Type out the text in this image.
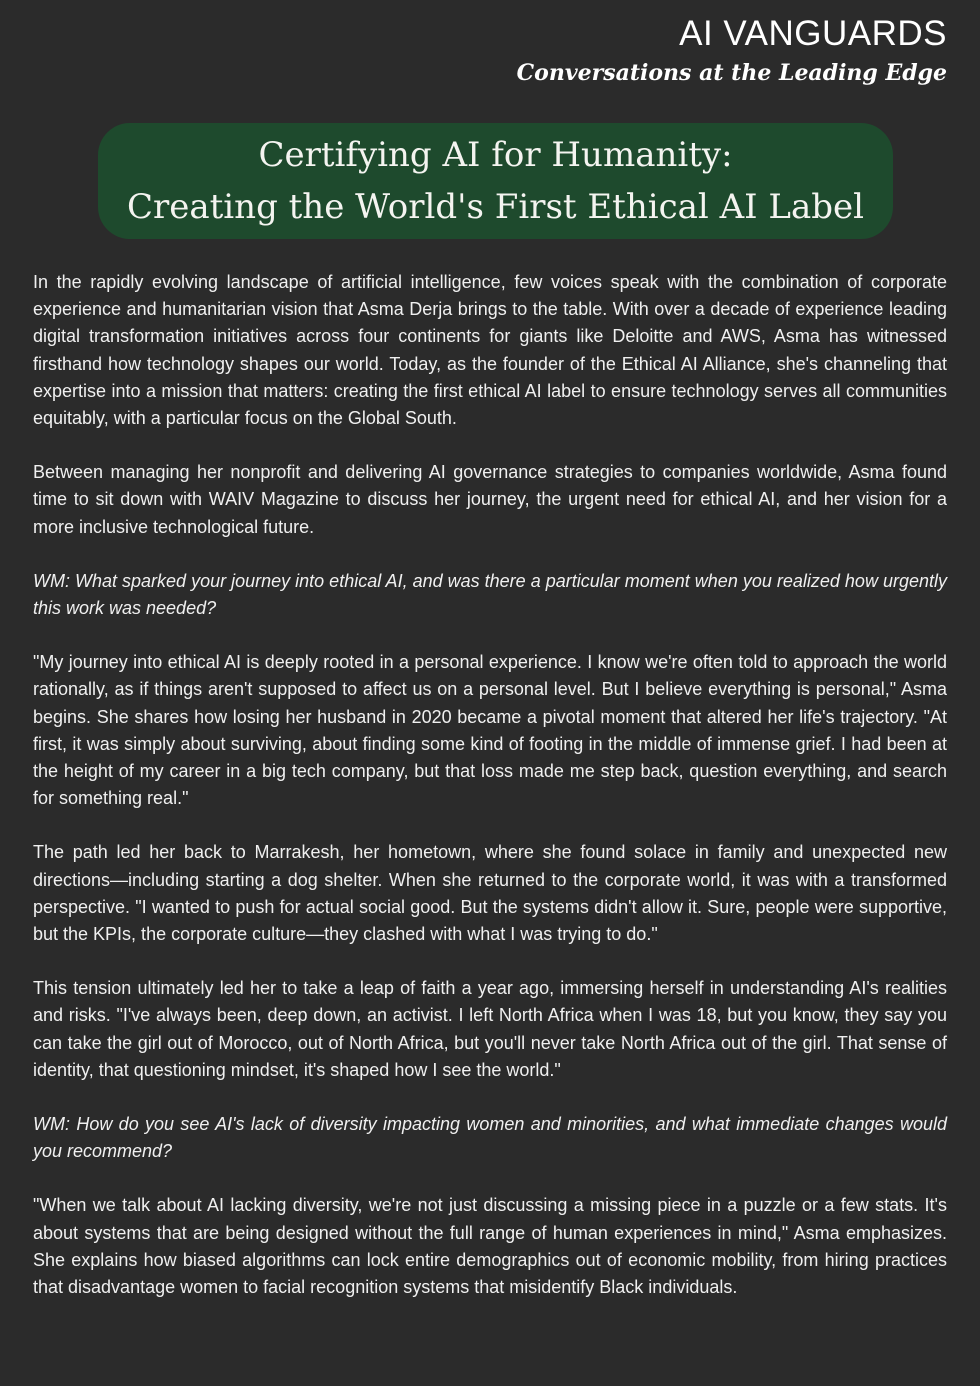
AI VANGUARDS
Conversations at the Leading Edge
Certifying AI for Humanity:
Creating the World's First Ethical AI Label

In the rapidly evolving landscape of artificial intelligence, few voices speak with the combination of corporate experience and humanitarian vision that Asma Derja brings to the table. With over a decade of experience leading digital transformation initiatives across four continents for giants like Deloitte and AWS, Asma has witnessed firsthand how technology shapes our world. Today, as the founder of the Ethical AI Alliance, she's channeling that expertise into a mission that matters: creating the first ethical AI label to ensure technology serves all communities equitably, with a particular focus on the Global South.

Between managing her nonprofit and delivering AI governance strategies to companies worldwide, Asma found time to sit down with WAIV Magazine to discuss her journey, the urgent need for ethical AI, and her vision for a more inclusive technological future.

WM: What sparked your journey into ethical AI, and was there a particular moment when you realized how urgently this work was needed?

"My journey into ethical AI is deeply rooted in a personal experience. I know we're often told to approach the world rationally, as if things aren't supposed to affect us on a personal level. But I believe everything is personal," Asma begins. She shares how losing her husband in 2020 became a pivotal moment that altered her life's trajectory. "At first, it was simply about surviving, about finding some kind of footing in the middle of immense grief. I had been at the height of my career in a big tech company, but that loss made me step back, question everything, and search for something real."

The path led her back to Marrakesh, her hometown, where she found solace in family and unexpected new directions—including starting a dog shelter. When she returned to the corporate world, it was with a transformed perspective. "I wanted to push for actual social good. But the systems didn't allow it. Sure, people were supportive, but the KPIs, the corporate culture—they clashed with what I was trying to do."

This tension ultimately led her to take a leap of faith a year ago, immersing herself in understanding AI's realities and risks. "I've always been, deep down, an activist. I left North Africa when I was 18, but you know, they say you can take the girl out of Morocco, out of North Africa, but you'll never take North Africa out of the girl. That sense of identity, that questioning mindset, it's shaped how I see the world."

WM: How do you see AI's lack of diversity impacting women and minorities, and what immediate changes would you recommend?

"When we talk about AI lacking diversity, we're not just discussing a missing piece in a puzzle or a few stats. It's about systems that are being designed without the full range of human experiences in mind," Asma emphasizes. She explains how biased algorithms can lock entire demographics out of economic mobility, from hiring practices that disadvantage women to facial recognition systems that misidentify Black individuals.
